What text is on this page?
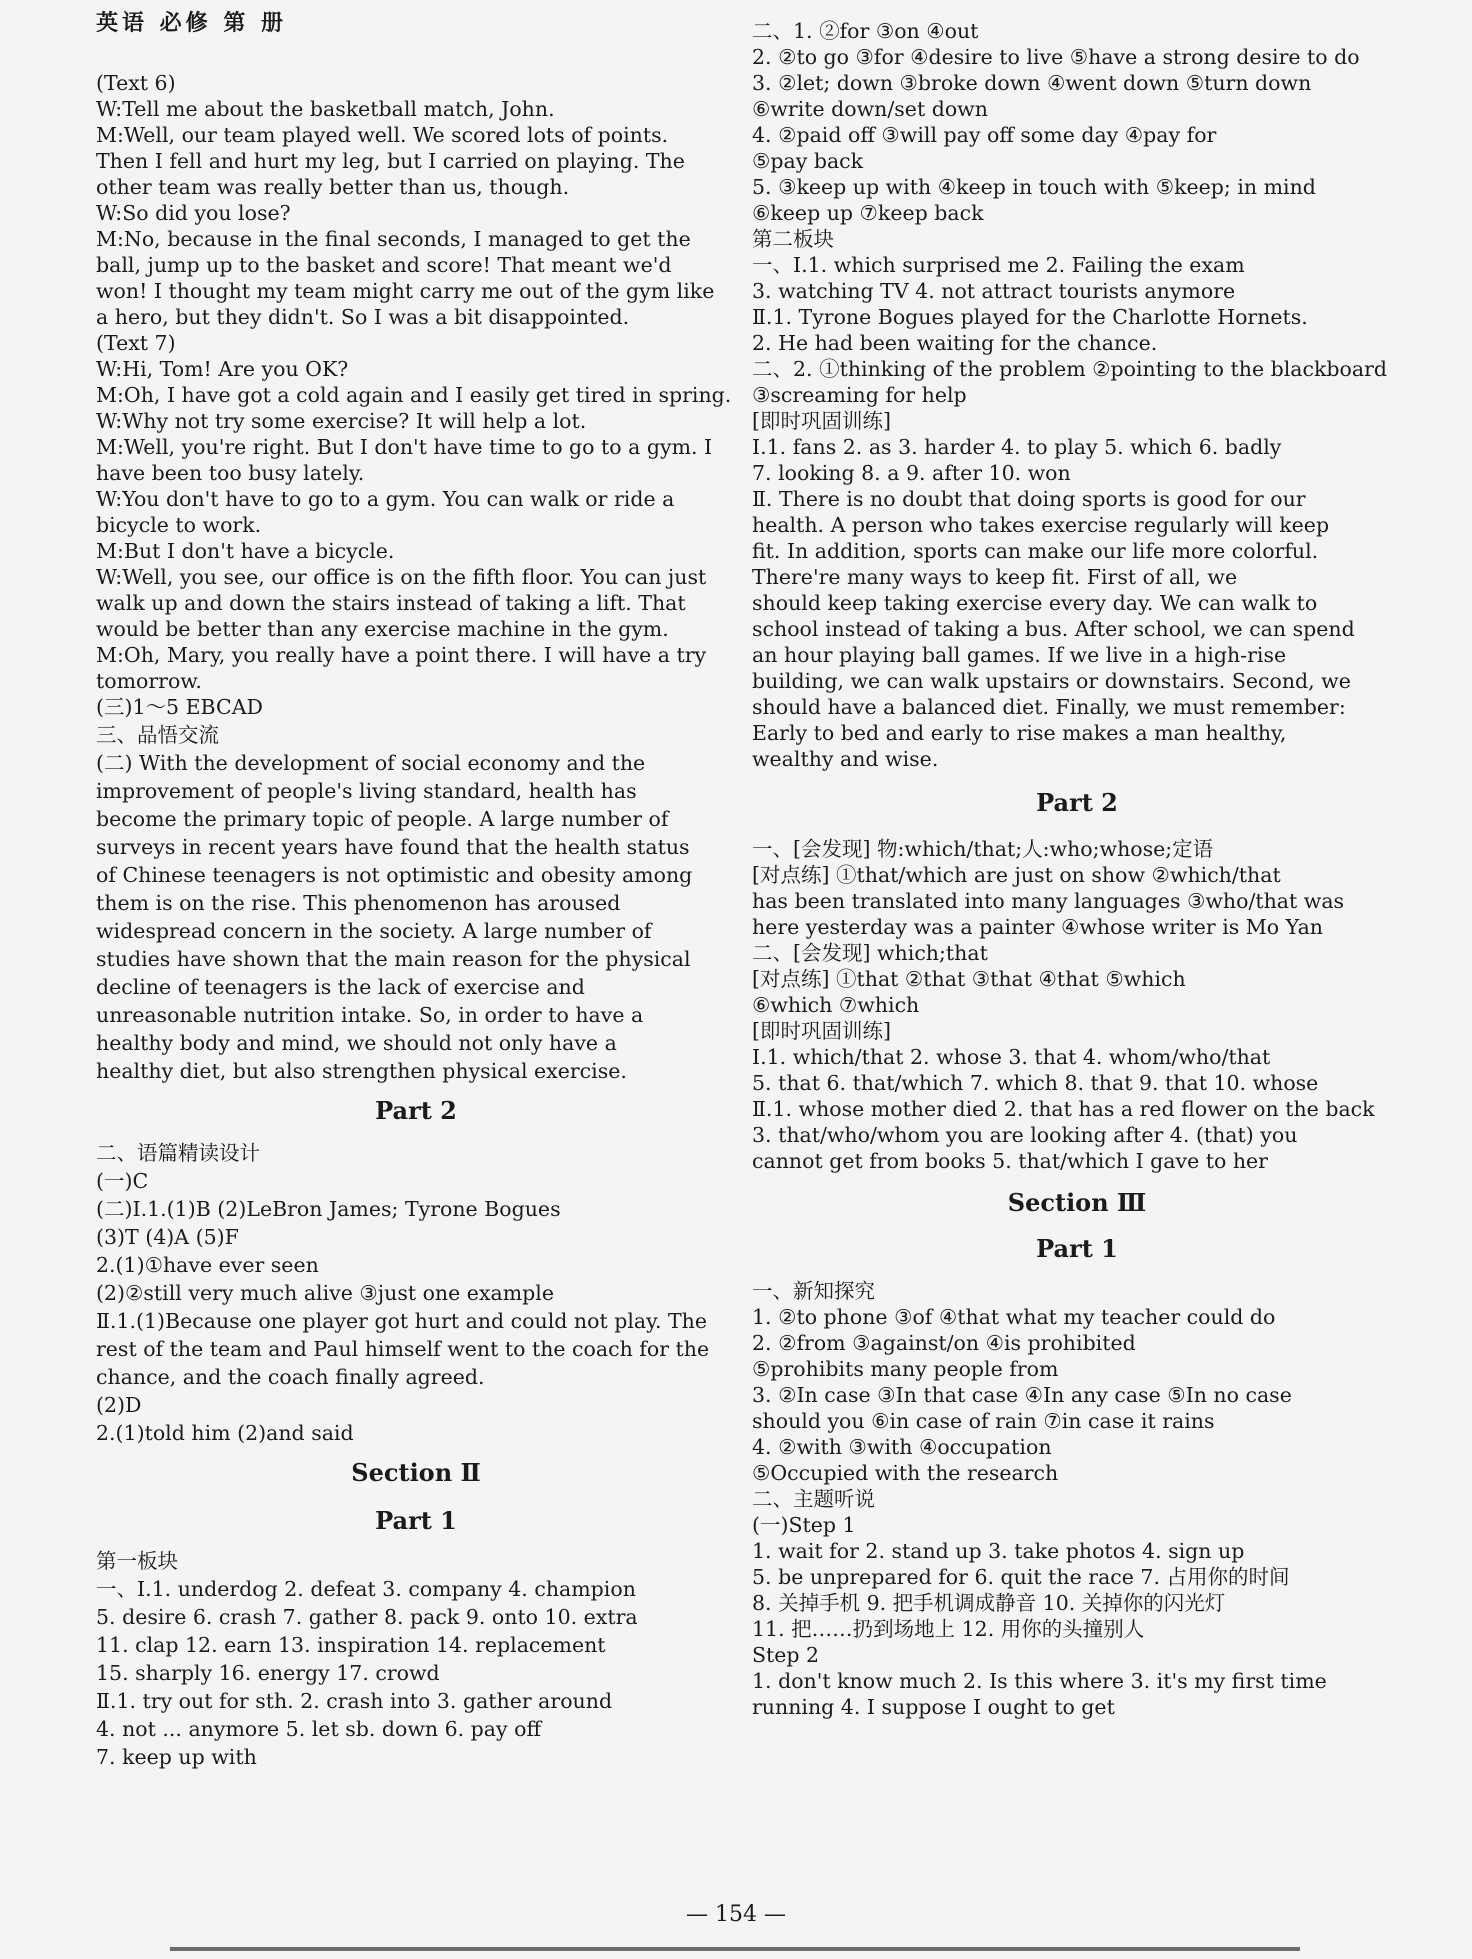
英语 必修 第 册
(Text 6)
W:Tell me about the basketball match, John.
M:Well, our team played well. We scored lots of points.
Then I fell and hurt my leg, but I carried on playing. The
other team was really better than us, though.
W:So did you lose?
M:No, because in the final seconds, I managed to get the
ball, jump up to the basket and score! That meant we'd
won! I thought my team might carry me out of the gym like
a hero, but they didn't. So I was a bit disappointed.
(Text 7)
W:Hi, Tom! Are you OK?
M:Oh, I have got a cold again and I easily get tired in spring.
W:Why not try some exercise? It will help a lot.
M:Well, you're right. But I don't have time to go to a gym. I
have been too busy lately.
W:You don't have to go to a gym. You can walk or ride a
bicycle to work.
M:But I don't have a bicycle.
W:Well, you see, our office is on the fifth floor. You can just
walk up and down the stairs instead of taking a lift. That
would be better than any exercise machine in the gym.
M:Oh, Mary, you really have a point there. I will have a try
tomorrow.
(三)1～5 EBCAD
三、品悟交流
(二) With the development of social economy and the
improvement of people's living standard, health has
become the primary topic of people. A large number of
surveys in recent years have found that the health status
of Chinese teenagers is not optimistic and obesity among
them is on the rise. This phenomenon has aroused
widespread concern in the society. A large number of
studies have shown that the main reason for the physical
decline of teenagers is the lack of exercise and
unreasonable nutrition intake. So, in order to have a
healthy body and mind, we should not only have a
healthy diet, but also strengthen physical exercise.
Part 2
二、语篇精读设计
(一)C
(二)Ⅰ.1.(1)B (2)LeBron James; Tyrone Bogues
(3)T (4)A (5)F
2.(1)①have ever seen
(2)②still very much alive ③just one example
Ⅱ.1.(1)Because one player got hurt and could not play. The
rest of the team and Paul himself went to the coach for the
chance, and the coach finally agreed.
(2)D
2.(1)told him (2)and said
Section Ⅱ
Part 1
第一板块
一、Ⅰ.1. underdog 2. defeat 3. company 4. champion
5. desire 6. crash 7. gather 8. pack 9. onto 10. extra
11. clap 12. earn 13. inspiration 14. replacement
15. sharply 16. energy 17. crowd
Ⅱ.1. try out for sth. 2. crash into 3. gather around
4. not ... anymore 5. let sb. down 6. pay off
7. keep up with
二、1. ②for ③on ④out
2. ②to go ③for ④desire to live ⑤have a strong desire to do
3. ②let; down ③broke down ④went down ⑤turn down
⑥write down/set down
4. ②paid off ③will pay off some day ④pay for
⑤pay back
5. ③keep up with ④keep in touch with ⑤keep; in mind
⑥keep up ⑦keep back
第二板块
一、Ⅰ.1. which surprised me 2. Failing the exam
3. watching TV 4. not attract tourists anymore
Ⅱ.1. Tyrone Bogues played for the Charlotte Hornets.
2. He had been waiting for the chance.
二、2. ①thinking of the problem ②pointing to the blackboard
③screaming for help
[即时巩固训练]
Ⅰ.1. fans 2. as 3. harder 4. to play 5. which 6. badly
7. looking 8. a 9. after 10. won
Ⅱ. There is no doubt that doing sports is good for our
health. A person who takes exercise regularly will keep
fit. In addition, sports can make our life more colorful.
There're many ways to keep fit. First of all, we
should keep taking exercise every day. We can walk to
school instead of taking a bus. After school, we can spend
an hour playing ball games. If we live in a high-rise
building, we can walk upstairs or downstairs. Second, we
should have a balanced diet. Finally, we must remember:
Early to bed and early to rise makes a man healthy,
wealthy and wise.
Part 2
一、[会发现] 物:which/that;人:who;whose;定语
[对点练] ①that/which are just on show ②which/that
has been translated into many languages ③who/that was
here yesterday was a painter ④whose writer is Mo Yan
二、[会发现] which;that
[对点练] ①that ②that ③that ④that ⑤which
⑥which ⑦which
[即时巩固训练]
Ⅰ.1. which/that 2. whose 3. that 4. whom/who/that
5. that 6. that/which 7. which 8. that 9. that 10. whose
Ⅱ.1. whose mother died 2. that has a red flower on the back
3. that/who/whom you are looking after 4. (that) you
cannot get from books 5. that/which I gave to her
Section Ⅲ
Part 1
一、新知探究
1. ②to phone ③of ④that what my teacher could do
2. ②from ③against/on ④is prohibited
⑤prohibits many people from
3. ②In case ③In that case ④In any case ⑤In no case
should you ⑥in case of rain ⑦in case it rains
4. ②with ③with ④occupation
⑤Occupied with the research
二、主题听说
(一)Step 1
1. wait for 2. stand up 3. take photos 4. sign up
5. be unprepared for 6. quit the race 7. 占用你的时间
8. 关掉手机 9. 把手机调成静音 10. 关掉你的闪光灯
11. 把……扔到场地上 12. 用你的头撞别人
Step 2
1. don't know much 2. Is this where 3. it's my first time
running 4. I suppose I ought to get
— 154 —
